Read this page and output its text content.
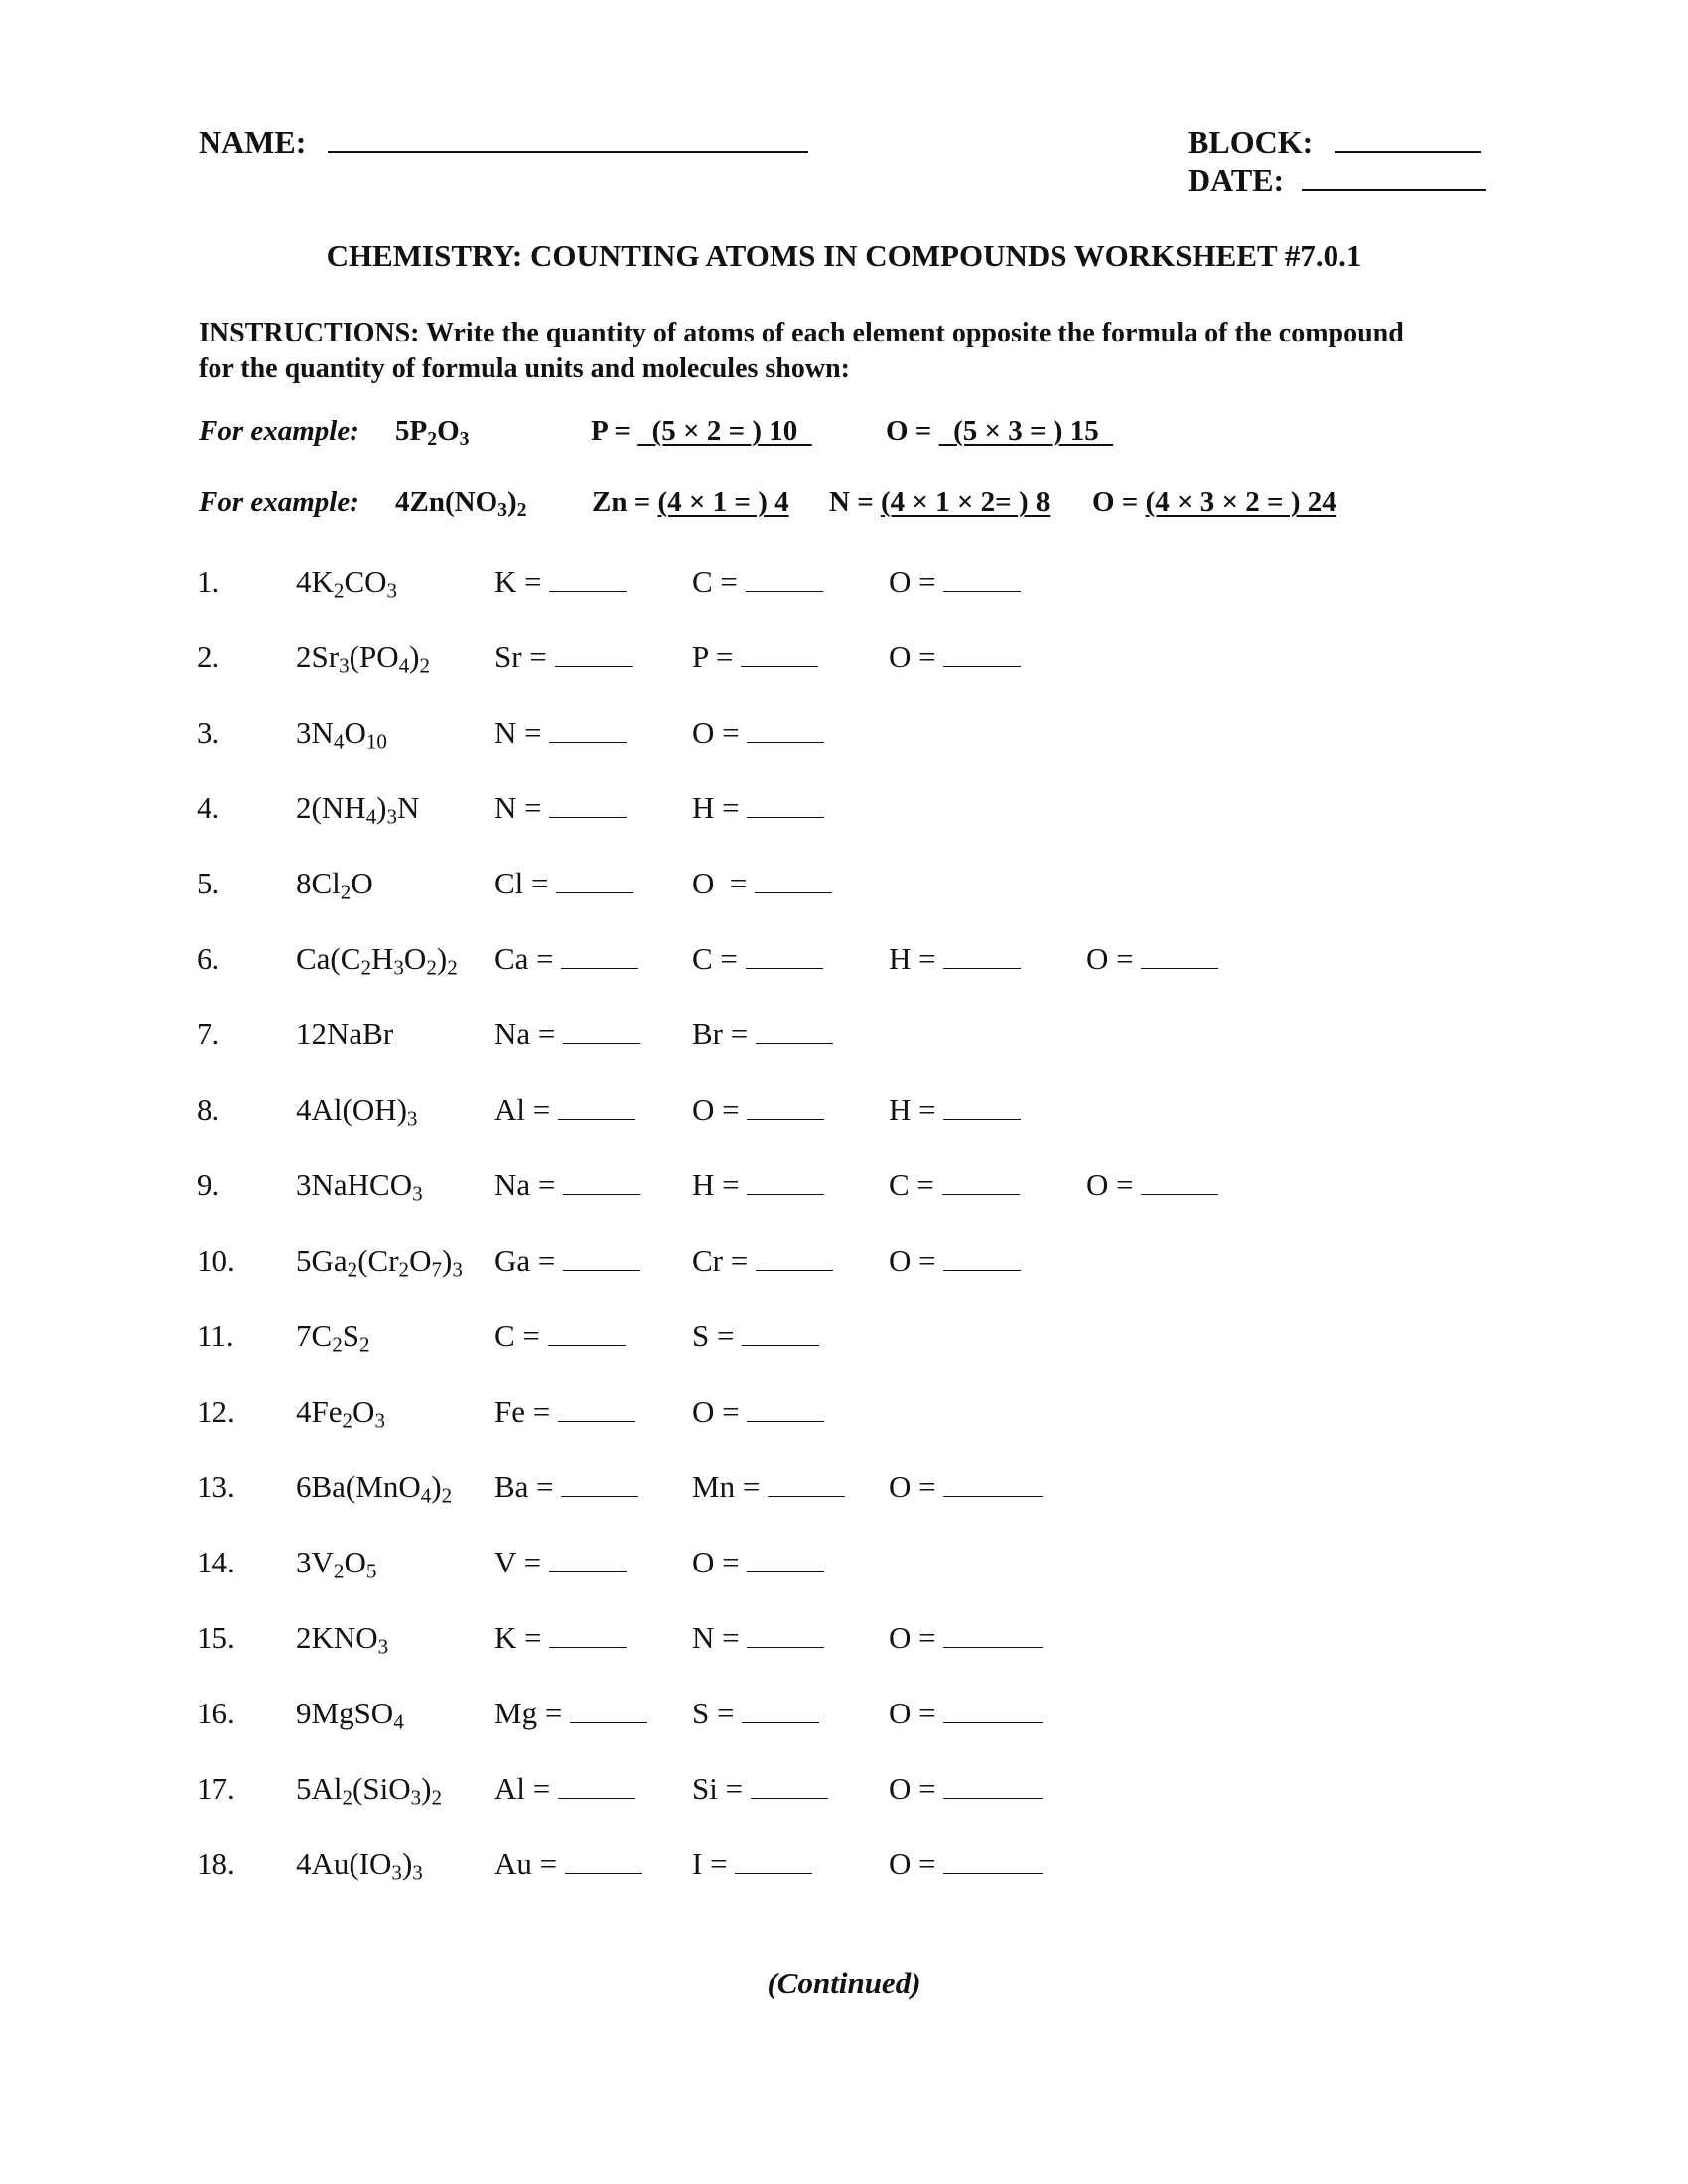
NAME:	BLOCK:
DATE:
CHEMISTRY: COUNTING ATOMS IN COMPOUNDS WORKSHEET #7.0.1
INSTRUCTIONS: Write the quantity of atoms of each element opposite the formula of the compound for the quantity of formula units and molecules shown:
For example: $5P_2O_3$	P =   (5 × 2 = ) 10	O =   (5 × 3 = ) 15
For example: $4Zn(NO_3)_2$ Zn = (4 × 1 = ) 4 N = (4 × 1 × 2= ) 8 O = (4 × 3 × 2 = ) 24
1. $4K_2CO_3$	K =	C =	O =
2. $2Sr_3(PO_4)_2$ Sr =	P =	O =
3. $3N_4O_{10}$	N =	O =
4. $2(NH_4)_3N$ N =	H =
5. $8Cl_2O$	Cl =	O  =
6. $Ca(C_2H_3O_2)_2$ Ca =	C =	H =	O =
7. 12NaBr	Na =	Br =
8. $4Al(OH)_3$	Al =	O =	H =
9. 3NaHCO$_3$ Na =	H =	C =	O =
10. $5Ga_2(Cr_2O_7)_3$ Ga =	Cr =	O =
11. $7C_2S_2$	C =	S =
12. $4Fe_2O_3$	Fe =	O =
13. $6Ba(MnO_4)_2$ Ba =	Mn =	O =
14. $3V_2O_5$	V =	O =
15. $2KNO_3$	K =	N =	O =
16. 9MgSO$_4$	Mg =	S =	O =
17. $5Al_2(SiO_3)_2$ Al =	Si =	O =
18. $4Au(IO_3)_3$ Au =	I =	O =
(Continued)
